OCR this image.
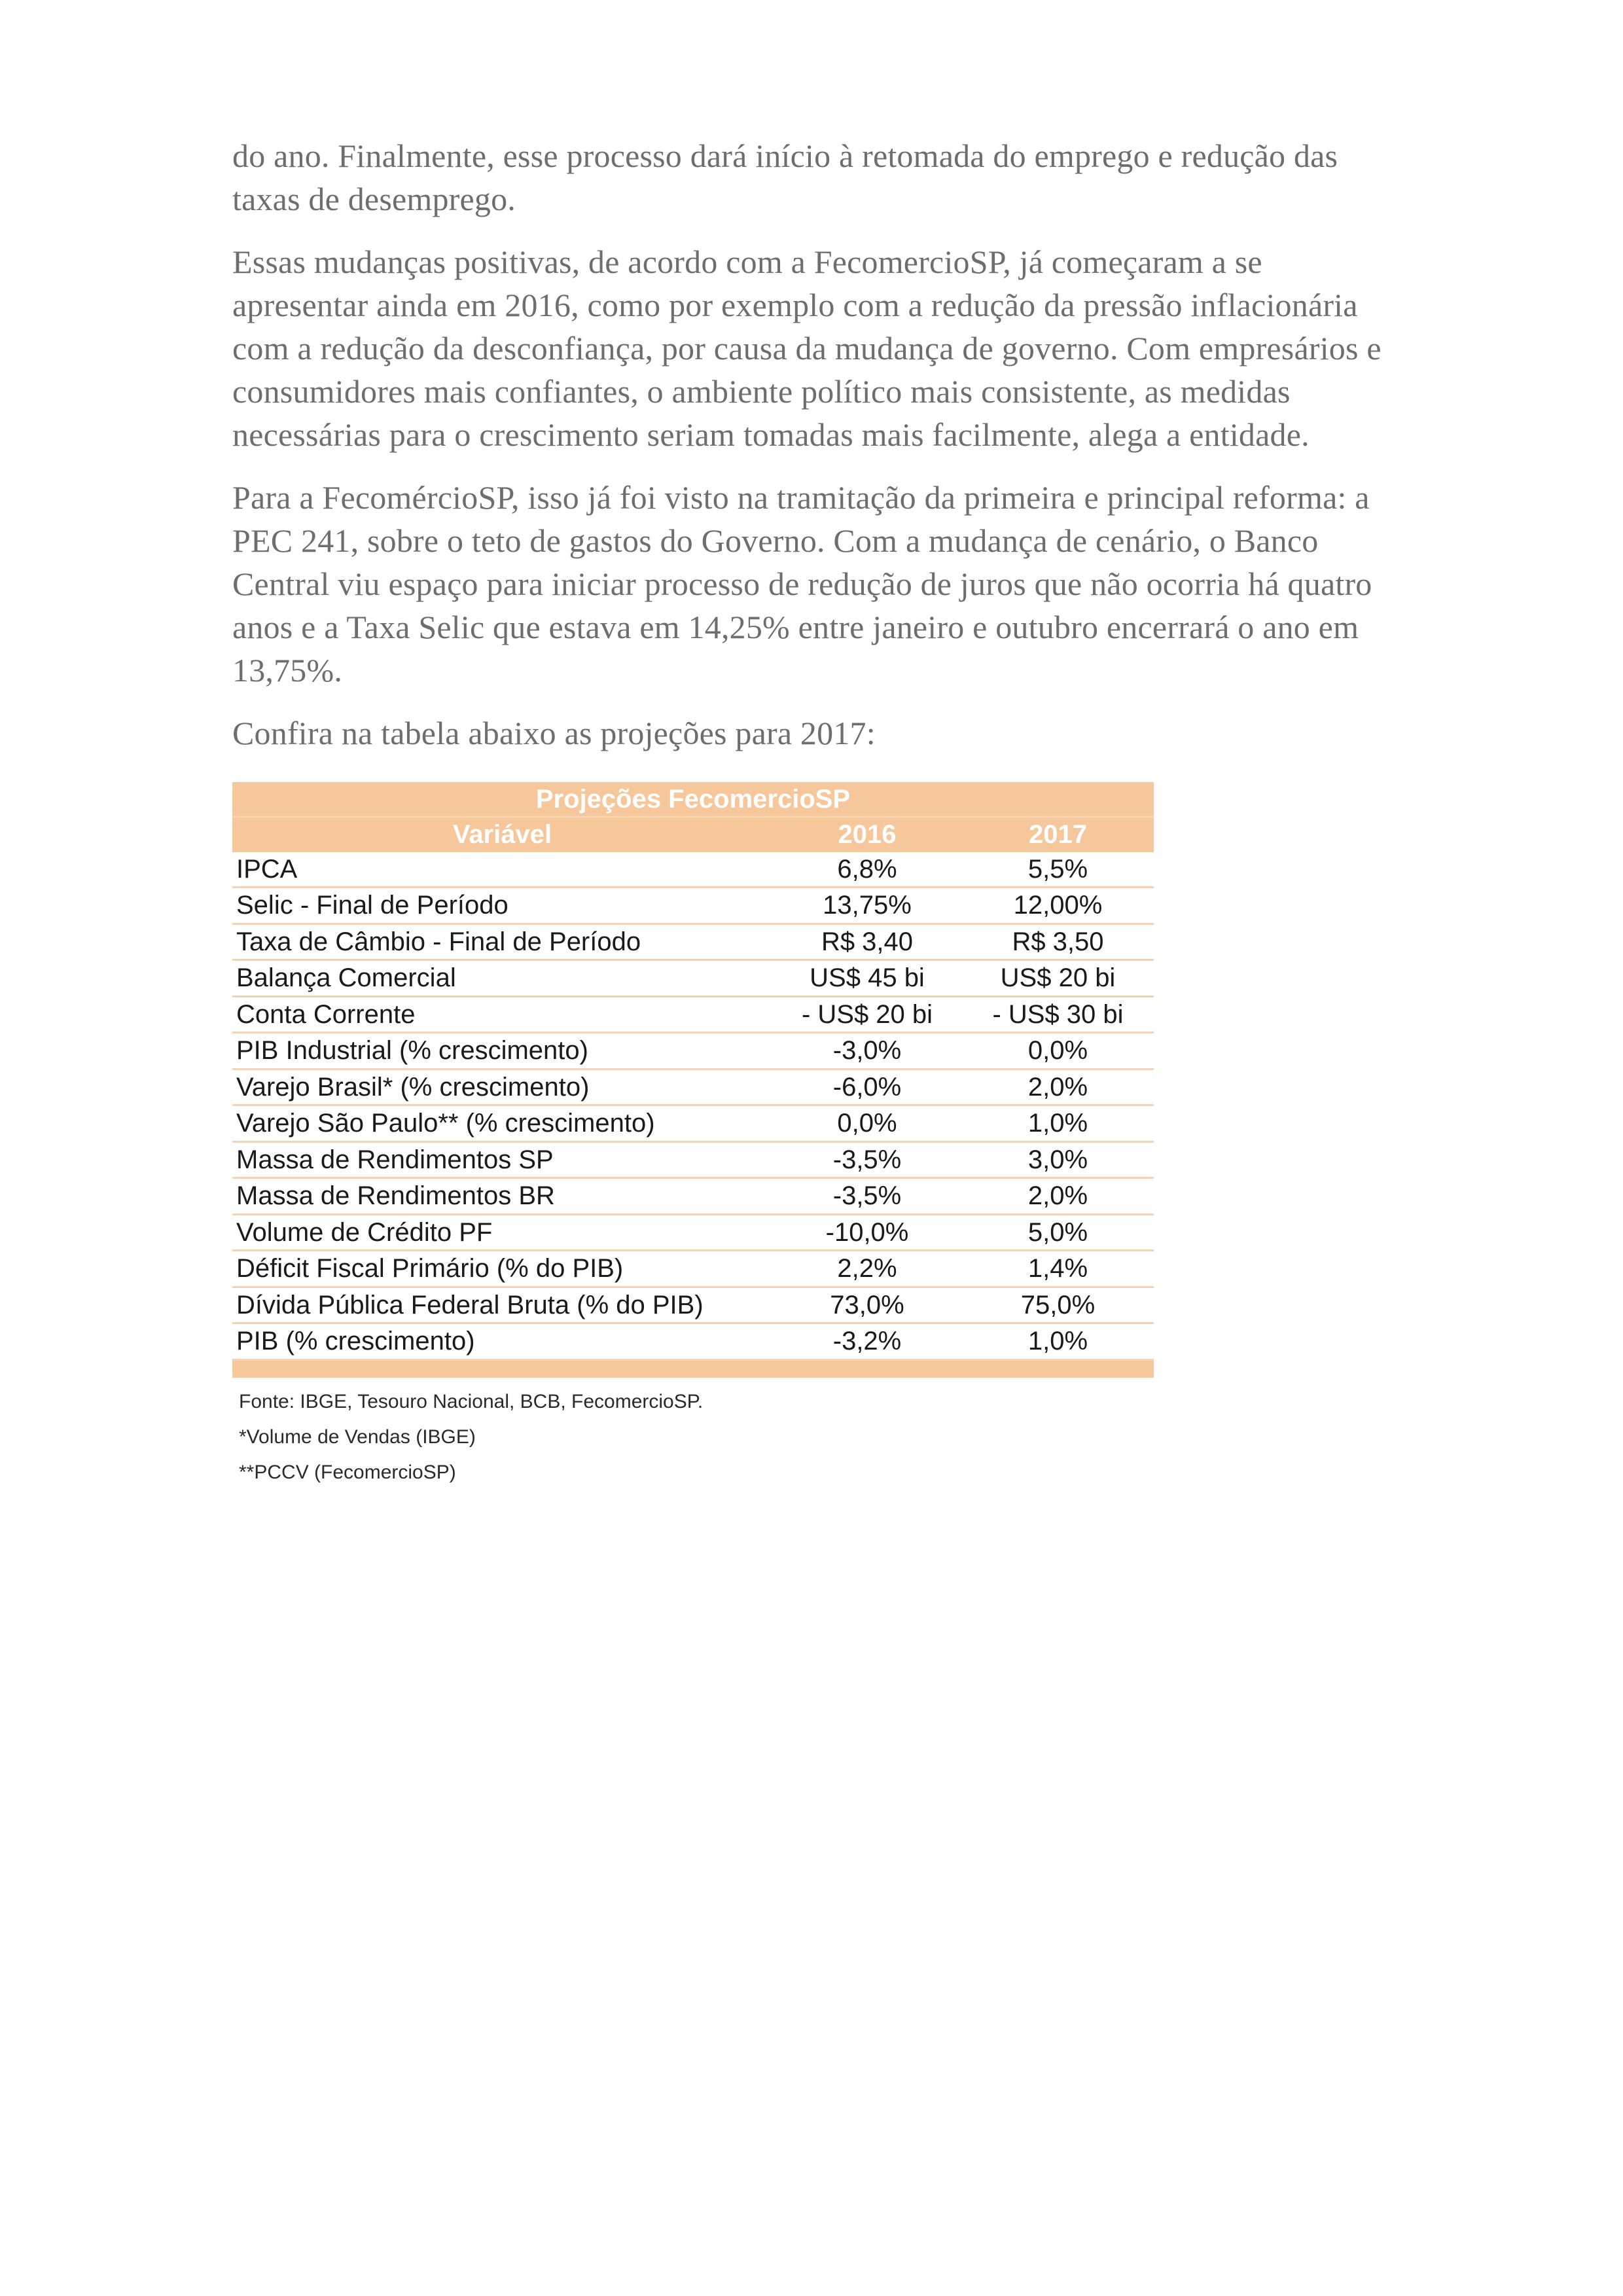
do ano. Finalmente, esse processo dará início à retomada do emprego e redução das taxas de desemprego.

Essas mudanças positivas, de acordo com a FecomercioSP, já começaram a se apresentar ainda em 2016, como por exemplo com a redução da pressão inflacionária com a redução da desconfiança, por causa da mudança de governo. Com empresários e consumidores mais confiantes, o ambiente político mais consistente, as medidas necessárias para o crescimento seriam tomadas mais facilmente, alega a entidade.

Para a FecomércioSP, isso já foi visto na tramitação da primeira e principal reforma: a PEC 241, sobre o teto de gastos do Governo. Com a mudança de cenário, o Banco Central viu espaço para iniciar processo de redução de juros que não ocorria há quatro anos e a Taxa Selic que estava em 14,25% entre janeiro e outubro encerrará o ano em 13,75%.

Confira na tabela abaixo as projeções para 2017:

Projeções FecomercioSP		
Variável	2016	2017
IPCA	6,8%	5,5%
Selic - Final de Período	13,75%	12,00%
Taxa de Câmbio - Final de Período	R$ 3,40	R$ 3,50
Balança Comercial	US$ 45 bi	US$ 20 bi
Conta Corrente	- US$ 20 bi	- US$ 30 bi
PIB Industrial (% crescimento)	-3,0%	0,0%
Varejo Brasil* (% crescimento)	-6,0%	2,0%
Varejo São Paulo** (% crescimento)	0,0%	1,0%
Massa de Rendimentos SP	-3,5%	3,0%
Massa de Rendimentos BR	-3,5%	2,0%
Volume de Crédito PF	-10,0%	5,0%
Déficit Fiscal Primário (% do PIB)	2,2%	1,4%
Dívida Pública Federal Bruta (% do PIB)	73,0%	75,0%
PIB (% crescimento)	-3,2%	1,0%

Fonte: IBGE, Tesouro Nacional, BCB, FecomercioSP.
*Volume de Vendas (IBGE)
**PCCV (FecomercioSP)
